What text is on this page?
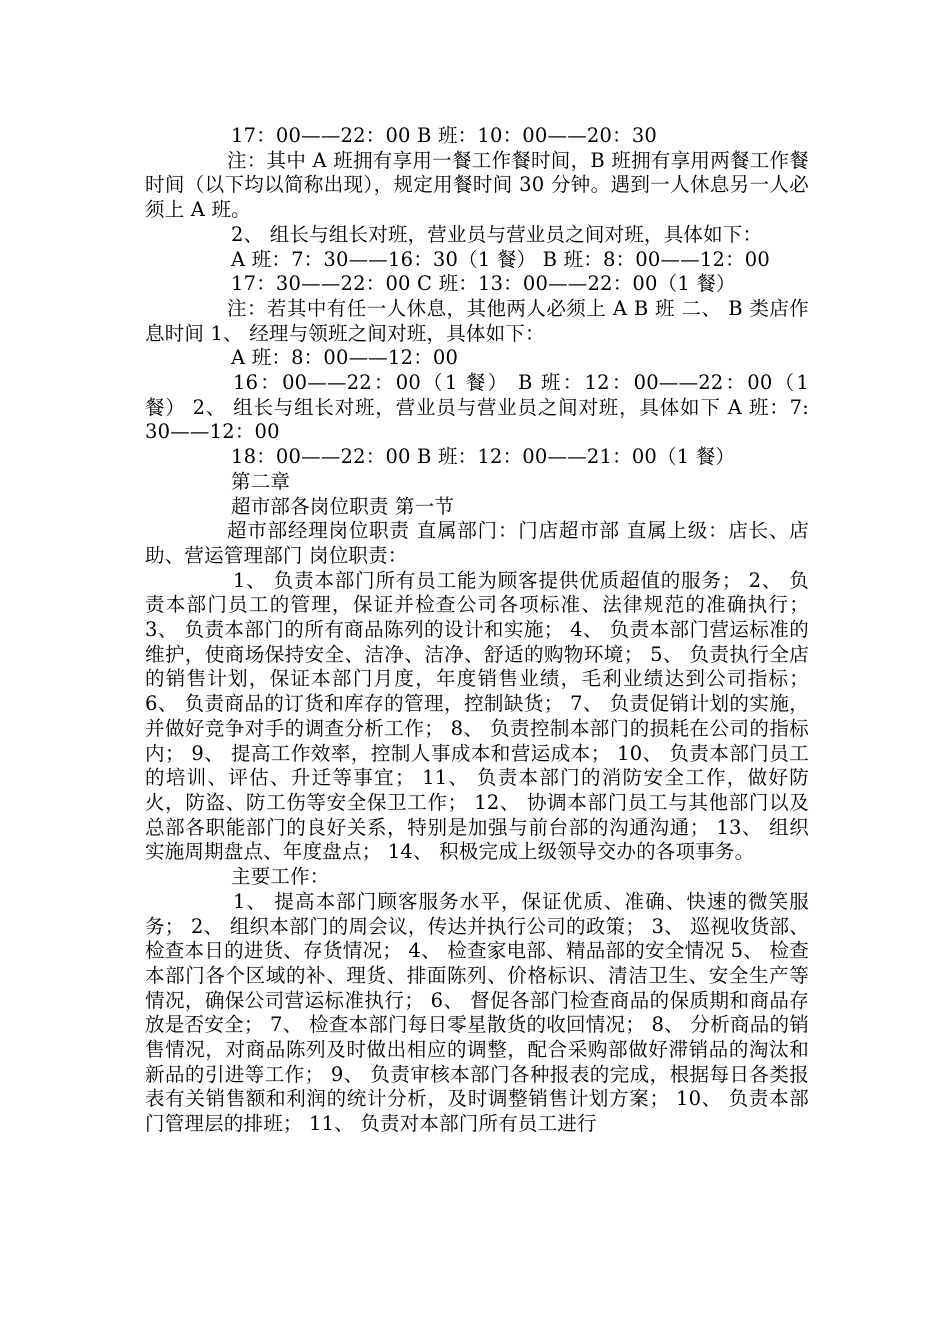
17：00——22：00 B 班：10：00——20：30

注：其中 A 班拥有享用一餐工作餐时间，B 班拥有享用两餐工作餐时间（以下均以简称出现），规定用餐时间 30 分钟。遇到一人休息另一人必须上 A 班。

2、 组长与组长对班，营业员与营业员之间对班，具体如下：

A 班：7：30——16：30（1 餐） B 班：8：00——12：00

17：30——22：00 C 班：13：00——22：00（1 餐）

注：若其中有任一人休息，其他两人必须上 A B 班 二、 B 类店作息时间 1、 经理与领班之间对班，具体如下：

A 班：8：00——12：00

16：00——22：00（1 餐） B 班：12：00——22：00（1 餐） 2、 组长与组长对班，营业员与营业员之间对班，具体如下 A 班：7: 30——12：00

18：00——22：00 B 班：12：00——21：00（1 餐）

第二章

超市部各岗位职责 第一节

超市部经理岗位职责 直属部门：门店超市部 直属上级：店长、店助、营运管理部门 岗位职责：

1、 负责本部门所有员工能为顾客提供优质超值的服务； 2、 负责本部门员工的管理，保证并检查公司各项标准、法律规范的准确执行； 3、 负责本部门的所有商品陈列的设计和实施； 4、 负责本部门营运标准的维护，使商场保持安全、洁净、洁净、舒适的购物环境； 5、 负责执行全店的销售计划，保证本部门月度，年度销售业绩，毛利业绩达到公司指标； 6、 负责商品的订货和库存的管理，控制缺货； 7、 负责促销计划的实施，并做好竞争对手的调查分析工作； 8、 负责控制本部门的损耗在公司的指标内； 9、 提高工作效率，控制人事成本和营运成本； 10、 负责本部门员工的培训、评估、升迁等事宜； 11、 负责本部门的消防安全工作，做好防火，防盗、防工伤等安全保卫工作； 12、 协调本部门员工与其他部门以及总部各职能部门的良好关系，特别是加强与前台部的沟通沟通； 13、 组织实施周期盘点、年度盘点； 14、 积极完成上级领导交办的各项事务。

主要工作：

1、 提高本部门顾客服务水平，保证优质、准确、快速的微笑服务； 2、 组织本部门的周会议，传达并执行公司的政策； 3、 巡视收货部、检查本日的进货、存货情况； 4、 检查家电部、精品部的安全情况 5、 检查本部门各个区域的补、理货、排面陈列、价格标识、清洁卫生、安全生产等情况，确保公司营运标准执行； 6、 督促各部门检查商品的保质期和商品存放是否安全； 7、 检查本部门每日零星散货的收回情况； 8、 分析商品的销售情况，对商品陈列及时做出相应的调整，配合采购部做好滞销品的淘汰和新品的引进等工作； 9、 负责审核本部门各种报表的完成，根据每日各类报表有关销售额和利润的统计分析，及时调整销售计划方案； 10、 负责本部门管理层的排班； 11、 负责对本部门所有员工进行
